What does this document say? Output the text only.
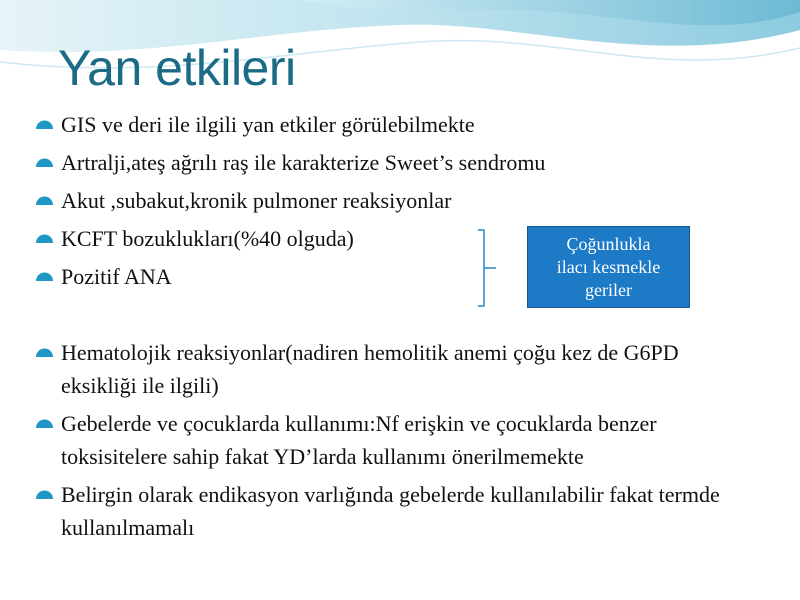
Yan etkileri
GIS ve deri ile ilgili yan etkiler görülebilmekte
Artralji,ateş ağrılı raş ile karakterize Sweet’s sendromu
Akut ,subakut,kronik pulmoner reaksiyonlar
KCFT bozuklukları(%40 olguda)
Pozitif ANA
Hematolojik reaksiyonlar(nadiren hemolitik anemi çoğu kez de G6PD eksikliği ile ilgili)
Gebelerde ve çocuklarda kullanımı:Nf erişkin ve çocuklarda benzer toksisitelere sahip fakat YD’larda kullanımı önerilmemekte
Belirgin olarak endikasyon varlığında gebelerde kullanılabilir fakat termde kullanılmamalı
Çoğunlukla
ilacı kesmekle
geriler
